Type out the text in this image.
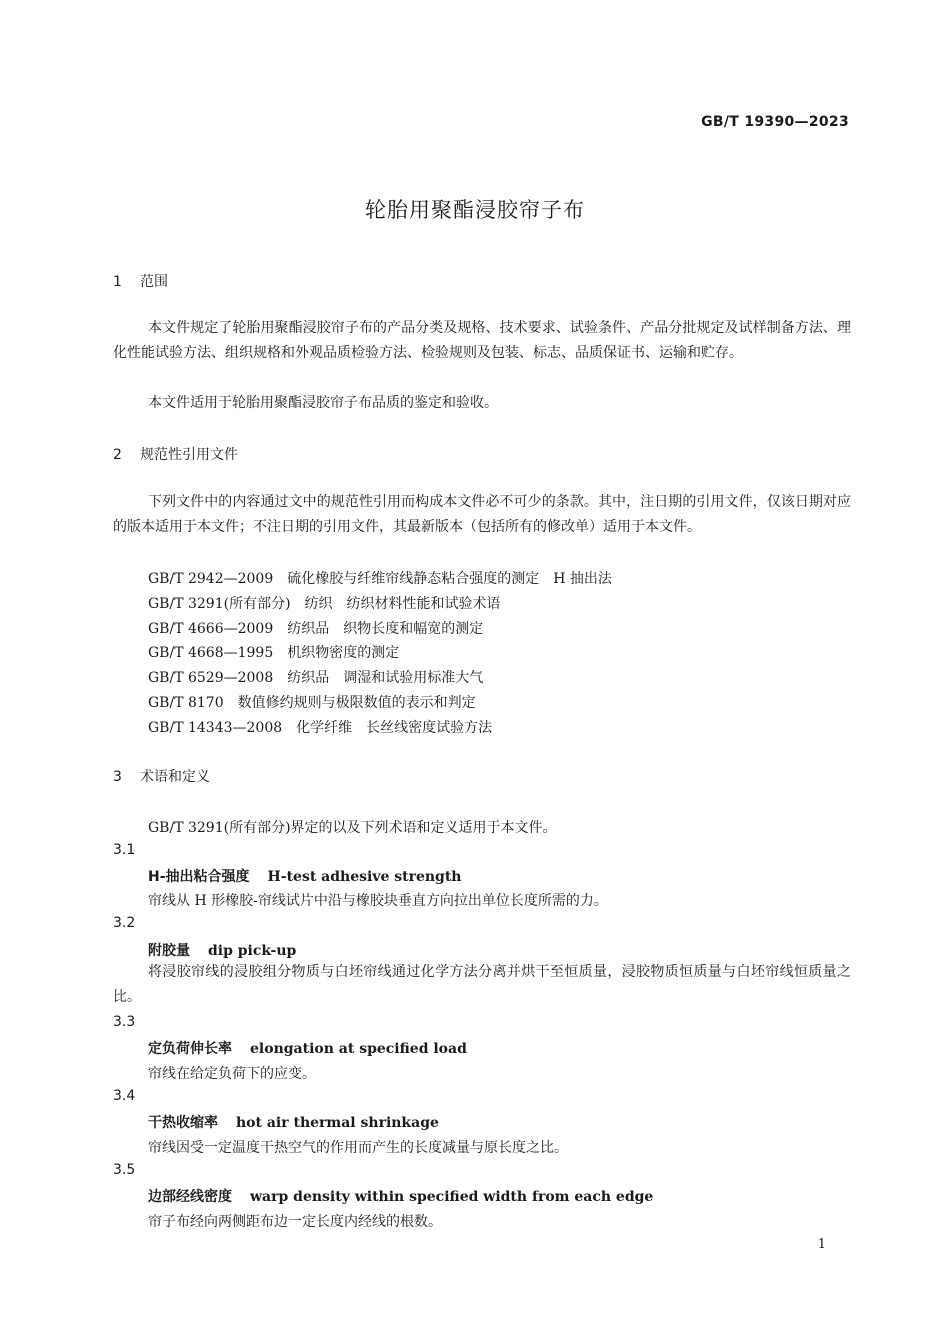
GB/T 19390—2023
轮胎用聚酯浸胶帘子布
1 范围
本文件规定了轮胎用聚酯浸胶帘子布的产品分类及规格、技术要求、试验条件、产品分批规定及试样制备方法、理化性能试验方法、组织规格和外观品质检验方法、检验规则及包装、标志、品质保证书、运输和贮存。
本文件适用于轮胎用聚酯浸胶帘子布品质的鉴定和验收。
2 规范性引用文件
下列文件中的内容通过文中的规范性引用而构成本文件必不可少的条款。其中，注日期的引用文件，仅该日期对应的版本适用于本文件；不注日期的引用文件，其最新版本（包括所有的修改单）适用于本文件。
GB/T 2942—2009 硫化橡胶与纤维帘线静态粘合强度的测定　H 抽出法
GB/T 3291(所有部分) 纺织　纺织材料性能和试验术语
GB/T 4666—2009 纺织品　织物长度和幅宽的测定
GB/T 4668—1995 机织物密度的测定
GB/T 6529—2008 纺织品　调湿和试验用标准大气
GB/T 8170 数值修约规则与极限数值的表示和判定
GB/T 14343—2008 化学纤维　长丝线密度试验方法
3 术语和定义
GB/T 3291(所有部分)界定的以及下列术语和定义适用于本文件。
3.1
H-抽出粘合强度 H-test adhesive strength
帘线从 H 形橡胶-帘线试片中沿与橡胶块垂直方向拉出单位长度所需的力。
3.2
附胶量 dip pick-up
将浸胶帘线的浸胶组分物质与白坯帘线通过化学方法分离并烘干至恒质量，浸胶物质恒质量与白坯帘线恒质量之比。
3.3
定负荷伸长率 elongation at specified load
帘线在给定负荷下的应变。
3.4
干热收缩率 hot air thermal shrinkage
帘线因受一定温度干热空气的作用而产生的长度减量与原长度之比。
3.5
边部经线密度 warp density within specified width from each edge
帘子布经向两侧距布边一定长度内经线的根数。
1
